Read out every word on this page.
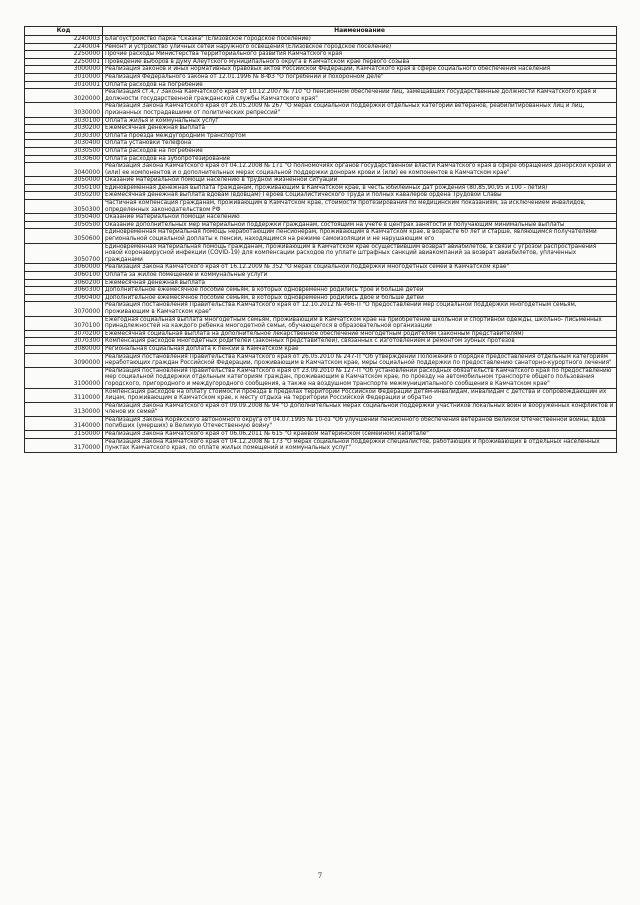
Код	Наименование
2240003	Благоустройство парка "Сказка" (Елизовское городское поселение)
2240004	Ремонт и устройство уличных сетей наружного освещения (Елизовское городское поселение)
2250000	Прочие расходы Министерства территориального развития Камчатского края
2250001	Проведение выборов в Думу Алеутского муниципального округа в Камчатском крае первого созыва
3000000	Реализация законов и иных нормативных правовых актов Российской Федерации, Камчатского края в сфере социального обеспечения населения
3010000	Реализация Федерального закона от 12.01.1996 № 8-ФЗ "О погребении и похоронном деле"
3010001	Оплата расходов на погребение
3020000	Реализация ст.4,7 Закона Камчатского края от 10.12.2007 № 710 "О пенсионном обеспечении лиц, замещавших государственные должности Камчатского края и должности государственной гражданской службы Камчатского края"
3030000	Реализация Закона Камчатского края от 26.05.2009 № 267 "О мерах социальной поддержки отдельных категорий ветеранов, реабилитированных лиц и лиц, признанных пострадавшими от политических репрессий"
3030100	Оплата жилья и коммунальных услуг
3030200	Ежемесячная денежная выплата
3030300	Оплата проезда междугородним транспортом
3030400	Оплата установки телефона
3030500	Оплата расходов на погребение
3030600	Оплата расходов на зубопротезирование
3040000	Реализация Закона Камчатского края от 04.12.2008 № 171 "О полномочиях органов государственной власти Камчатского края в сфере обращения донорской крови и (или) ее компонентов и о дополнительных мерах социальной поддержки донорам крови и (или) ее компонентов в Камчатском крае"
3050000	Оказание материальной помощи населению в трудной жизненной ситуации
3050100	Единовременная денежная выплата гражданам, проживающим в Камчатском крае, в честь юбилейных дат рождения (80,85,90,95 и 100 - летия)
3050200	Ежемесячная денежная выплата вдовам (вдовцам) Героев Социалистического Труда и полных кавалеров ордена Трудовой Славы
3050300	Частичная компенсация гражданам, проживающим в Камчатском крае, стоимости протезирования по медицинским показаниям, за исключением инвалидов, определенных законодательством РФ
3050400	Оказание материальной помощи населению
3050500	Оказание дополнительных мер материальной поддержки гражданам, состоящим на учете в центрах занятости и получающим минимальные выплаты
3050600	Единовременная материальная помощь неработающим пенсионерам, проживающим в Камчатском крае, в возрасте 60 лет и старше, являющимся получателями региональной социальной доплаты к пенсии, находящимся на режиме самоизоляции и не нарушающим его
3050700	Единовременная материальная помощь гражданам, проживающим в Камчатском крае осуществившим возврат авиабилетов, в связи с угрозой распространения новой коронавирусной инфекции (COVID-19) для компенсации расходов по уплате штрафных санкций авиакомпаний за возврат авиабилетов, уплаченных гражданами
3060000	Реализация Закона Камчатского края от 16.12.2009 № 352 "О мерах социальной поддержки многодетных семей в Камчатском крае"
3060100	Оплата за жилое помещение и коммунальные услуги
3060200	Ежемесячная денежная выплата
3060300	Дополнительное ежемесячное пособие семьям, в которых одновременно родились трое и больше детей
3060400	Дополнительное ежемесячное пособие семьям, в которых одновременно родились двое и больше детей
3070000	Реализация постановления Правительства Камчатского края от 12.10.2012 № 466-П "О предоставлении мер социальной поддержки многодетным семьям, проживающим в Камчатском крае"
3070100	Ежегодная социальная выплата многодетным семьям, проживающим в Камчатском крае на приобретение школьной и спортивной одежды, школьно- письменных принадлежностей на каждого ребенка многодетной семьи, обучающегося в образовательной организации
3070200	Ежемесячная социальная выплата на дополнительное лекарственное обеспечение многодетным родителям (законным представителям)
3070300	Компенсация расходов многодетных родителей (законных представителей), связанных с изготовлением и ремонтом зубных протезов
3080000	Региональная социальная доплата к пенсии в Камчатском крае
3090000	Реализация постановления Правительства Камчатского края от 26.05.2010 № 247-П "Об утверждении Положения о порядке предоставления отдельным категориям неработающих граждан Российской Федерации, проживающим в Камчатском крае, меры социальной поддержки по предоставлению санаторно-курортного лечения"
3100000	Реализация постановления Правительства Камчатского края от 23.09.2010 № 127-П "Об установлении расходных обязательств Камчатского края по предоставлению мер социальной поддержки отдельным категориям граждан, проживающим в Камчатском крае, по проезду на автомобильном транспорте общего пользования городского, пригородного и междугородного сообщения, а также на воздушном транспорте межмуниципального сообщения в Камчатском крае"
3110000	Компенсация расходов на оплату стоимости проезда в пределах территории Российской Федерации детям-инвалидам, инвалидам с детства и сопровождающим их лицам, проживающим в Камчатском крае, к месту отдыха на территории Российской Федерации и обратно
3130000	Реализация Закона Камчатского края от 09.09.2008 № 94 "О дополнительных мерах социальной поддержки участников локальных войн и вооруженных конфликтов и членов их семей"
3140000	Реализация Закона Корякского автономного округа от 04.07.1995 № 10-оз "Об улучшении пенсионного обеспечения ветеранов Великой Отечественной войны, вдов погибших (умерших) в Великую Отечественную войну"
3150000	Реализация Закона Камчатского края от 06.06.2011 № 615 "О краевом материнском (семейном) капитале"
3170000	Реализация Закона Камчатского края от 04.12.2008 № 173 "О мерах социальной поддержки специалистов, работающих и проживающих в отдельных населенных пунктах Камчатского края, по оплате жилых помещений и коммунальных услуг"
7
